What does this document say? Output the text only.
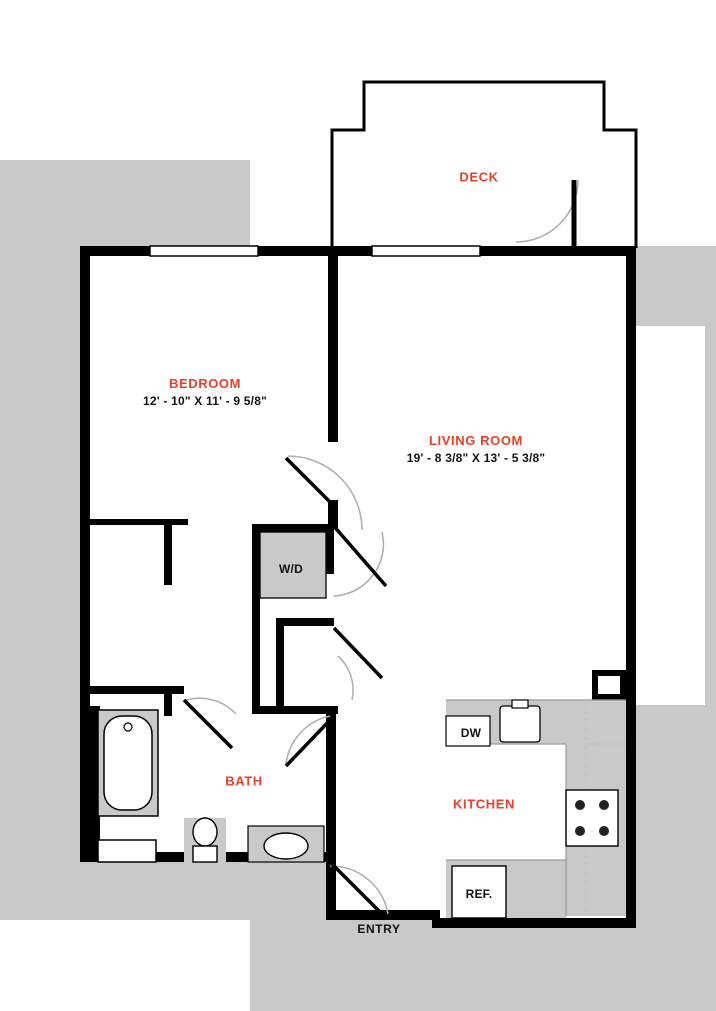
DECK
BEDROOM
12' - 10" X 11' - 9 5/8"
LIVING ROOM
19' - 8 3/8" X 13' - 5 3/8"
BATH
KITCHEN
W/D
DW
REF.
ENTRY
